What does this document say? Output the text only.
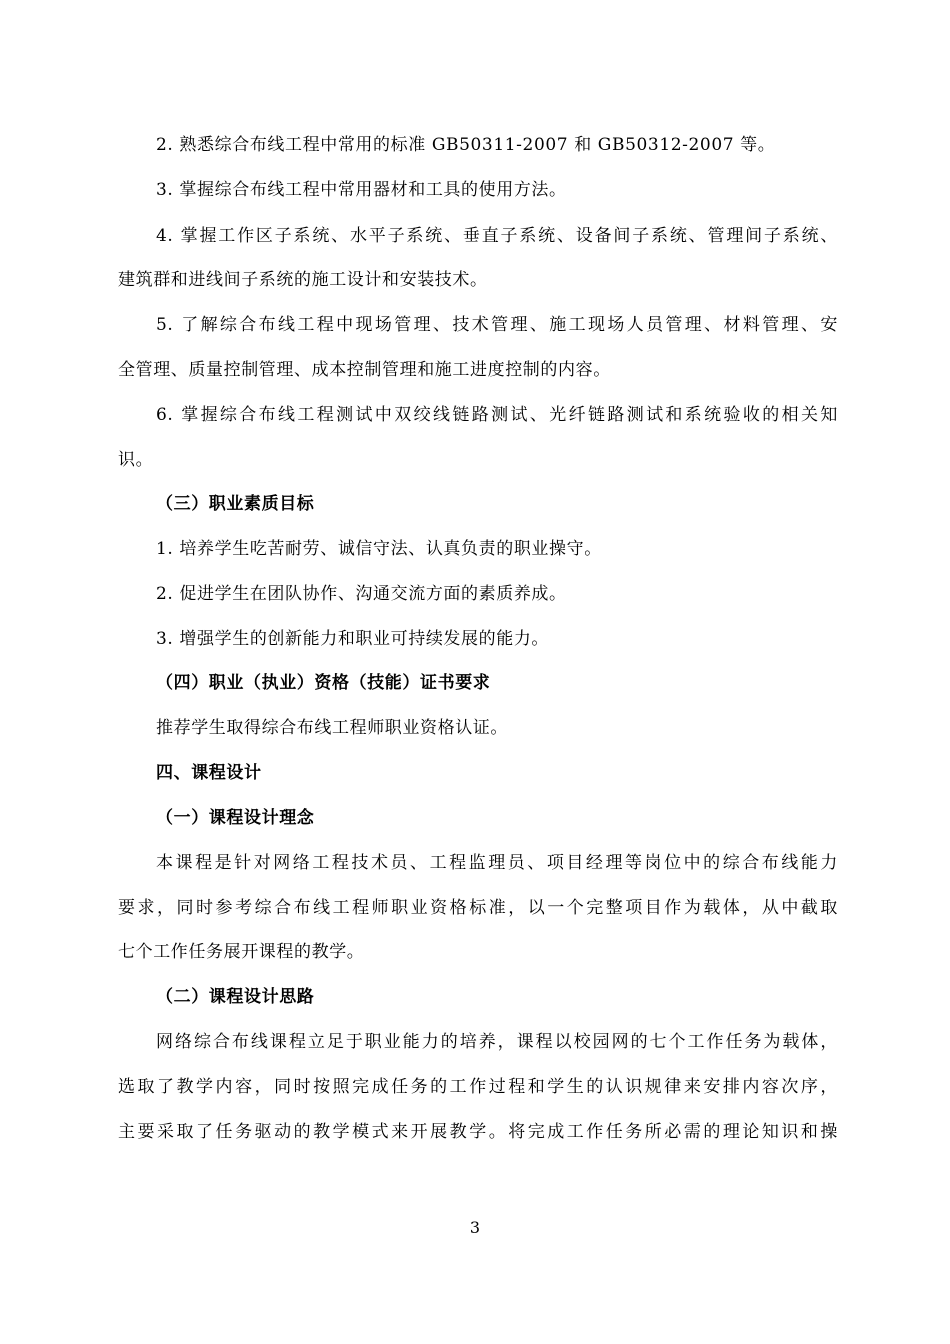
2. 熟悉综合布线工程中常用的标准 GB50311-2007 和 GB50312-2007 等。

3. 掌握综合布线工程中常用器材和工具的使用方法。

4. 掌握工作区子系统、水平子系统、垂直子系统、设备间子系统、管理间子系统、

建筑群和进线间子系统的施工设计和安装技术。

5. 了解综合布线工程中现场管理、技术管理、施工现场人员管理、材料管理、安

全管理、质量控制管理、成本控制管理和施工进度控制的内容。

6. 掌握综合布线工程测试中双绞线链路测试、光纤链路测试和系统验收的相关知

识。

（三）职业素质目标

1. 培养学生吃苦耐劳、诚信守法、认真负责的职业操守。

2. 促进学生在团队协作、沟通交流方面的素质养成。

3. 增强学生的创新能力和职业可持续发展的能力。

（四）职业（执业）资格（技能）证书要求

推荐学生取得综合布线工程师职业资格认证。

四、课程设计

（一）课程设计理念

本课程是针对网络工程技术员、工程监理员、项目经理等岗位中的综合布线能力

要求，同时参考综合布线工程师职业资格标准，以一个完整项目作为载体，从中截取

七个工作任务展开课程的教学。

（二）课程设计思路

网络综合布线课程立足于职业能力的培养，课程以校园网的七个工作任务为载体，

选取了教学内容，同时按照完成任务的工作过程和学生的认识规律来安排内容次序，

主要采取了任务驱动的教学模式来开展教学。将完成工作任务所必需的理论知识和操

3
